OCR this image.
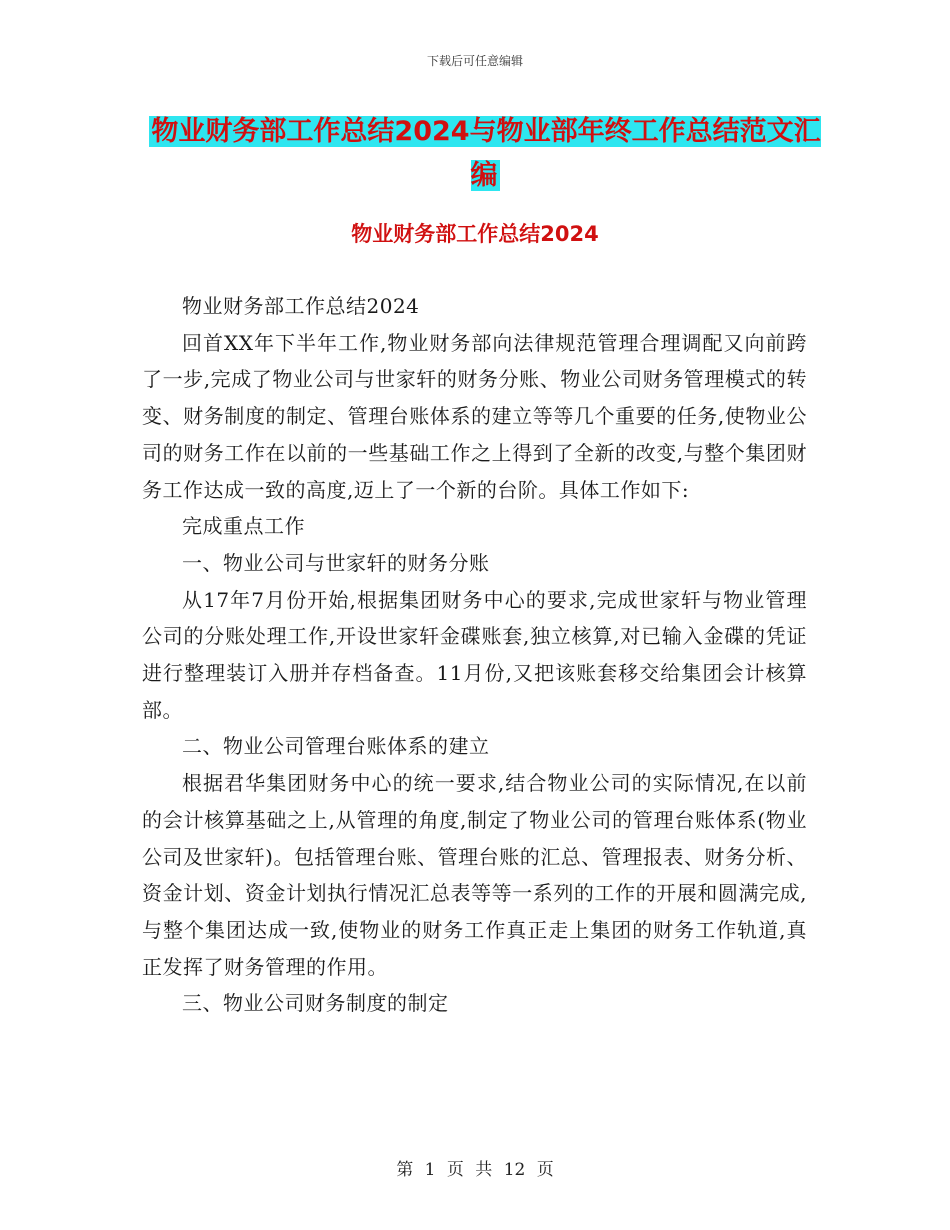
下载后可任意编辑
物业财务部工作总结2024与物业部年终工作总结范文汇编
物业财务部工作总结2024

物业财务部工作总结2024

回首XX年下半年工作,物业财务部向法律规范管理合理调配又向前跨了一步,完成了物业公司与世家轩的财务分账、物业公司财务管理模式的转变、财务制度的制定、管理台账体系的建立等等几个重要的任务,使物业公司的财务工作在以前的一些基础工作之上得到了全新的改变,与整个集团财务工作达成一致的高度,迈上了一个新的台阶。具体工作如下:

完成重点工作

一、物业公司与世家轩的财务分账

从17年7月份开始,根据集团财务中心的要求,完成世家轩与物业管理公司的分账处理工作,开设世家轩金碟账套,独立核算,对已输入金碟的凭证进行整理装订入册并存档备查。11月份,又把该账套移交给集团会计核算部。

二、物业公司管理台账体系的建立

根据君华集团财务中心的统一要求,结合物业公司的实际情况,在以前的会计核算基础之上,从管理的角度,制定了物业公司的管理台账体系(物业公司及世家轩)。包括管理台账、管理台账的汇总、管理报表、财务分析、资金计划、资金计划执行情况汇总表等等一系列的工作的开展和圆满完成,与整个集团达成一致,使物业的财务工作真正走上集团的财务工作轨道,真正发挥了财务管理的作用。

三、物业公司财务制度的制定

第 1 页 共 12 页
